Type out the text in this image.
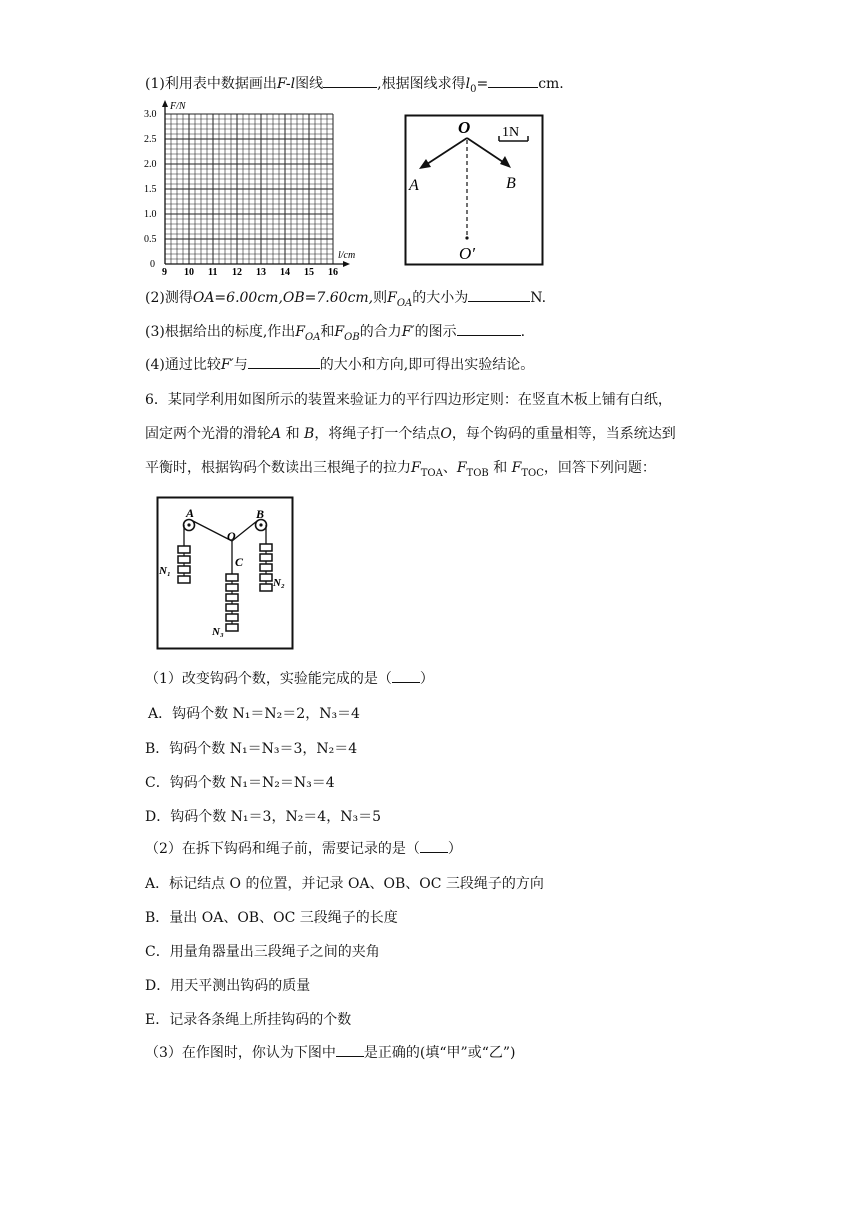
(1)利用表中数据画出F-l图线	,根据图线求得$l_0=$	cm.
F/N
l/cm
0
0.5
1.0
1.5
2.0
2.5
3.0
9 10 11 12 13 14 15 16
1N
O
A	B
O′
(2)测得OA=6.00cm,OB=7.60cm,则$F_{OA}$的大小为	N.
(3)根据给出的标度,作出$F_{OA}$和$F_{OB}$的合力F′的图示	.
(4)通过比较F′与	的大小和方向,即可得出实验结论。
6．某同学利用如图所示的装置来验证力的平行四边形定则：在竖直木板上铺有白纸，
固定两个光滑的滑轮A 和 B，将绳子打一个结点O，每个钩码的重量相等，当系统达到
平衡时，根据钩码个数读出三根绳子的拉力$F_{TOA}$、$F_{TOB}$ 和 $F_{TOC}$，回答下列问题：
A	B
O
C
N₁
N₂
N₃
（1）改变钩码个数，实验能完成的是（ ）
A．钩码个数 N₁＝N₂＝2，N₃＝4
B．钩码个数 N₁＝N₃＝3，N₂＝4
C．钩码个数 N₁＝N₂＝N₃＝4
D．钩码个数 N₁＝3，N₂＝4，N₃＝5
（2）在拆下钩码和绳子前，需要记录的是（ ）
A．标记结点 O 的位置，并记录 OA、OB、OC 三段绳子的方向
B．量出 OA、OB、OC 三段绳子的长度
C．用量角器量出三段绳子之间的夹角
D．用天平测出钩码的质量
E．记录各条绳上所挂钩码的个数
（3）在作图时，你认为下图中 是正确的(填“甲”或“乙”)
